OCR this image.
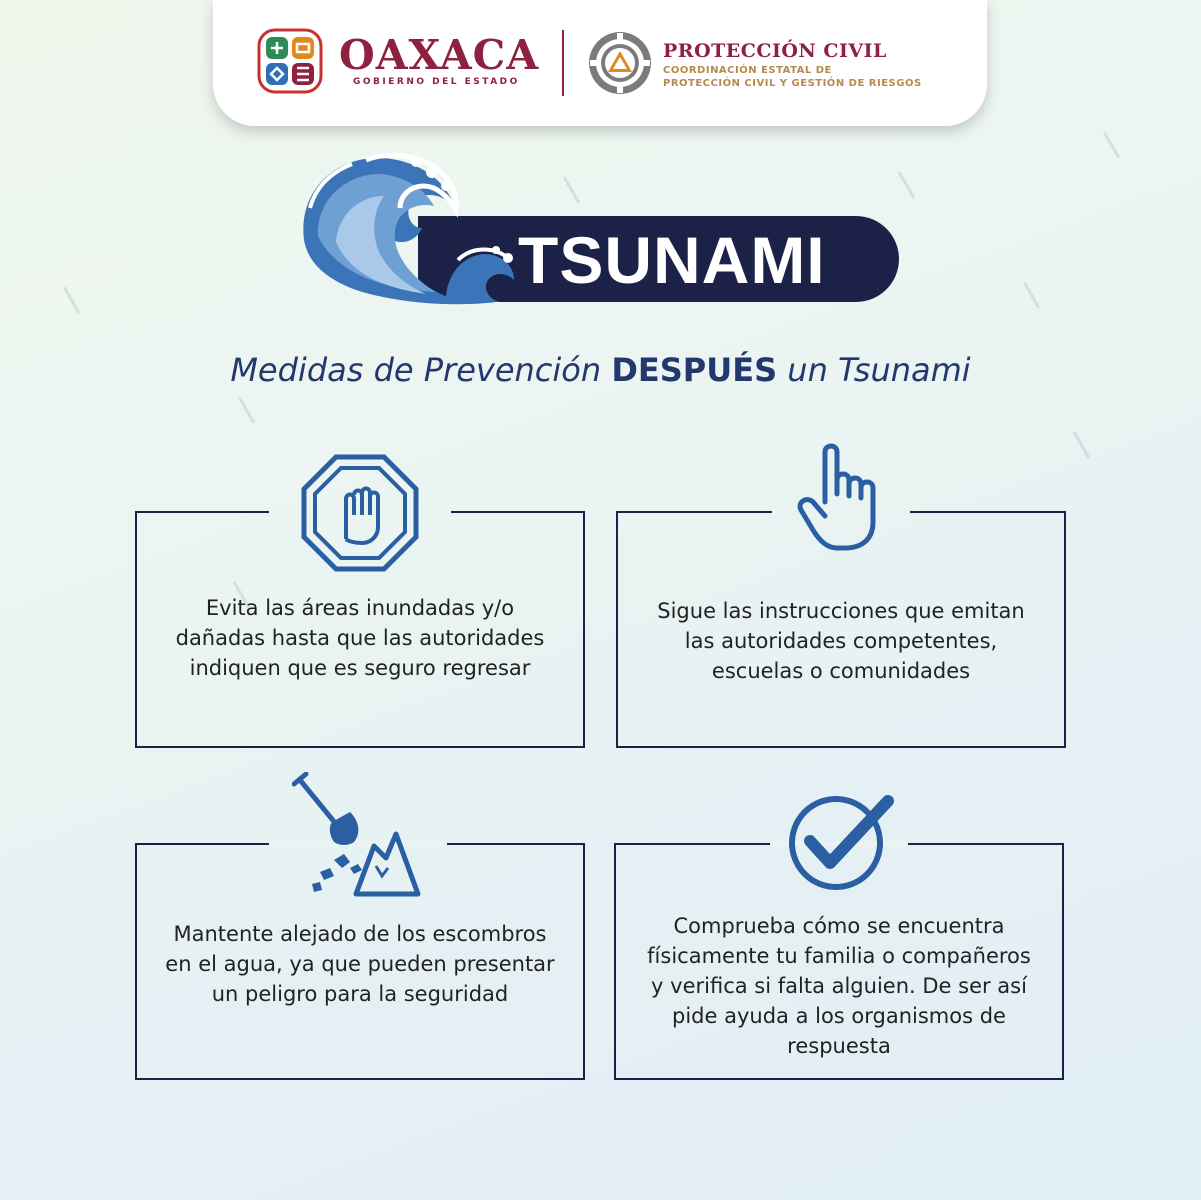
OAXACA
GOBIERNO DEL ESTADO
PROTECCIÓN CIVIL
COORDINACIÓN ESTATAL DE
PROTECCIÓN CIVIL Y GESTIÓN DE RIESGOS
TSUNAMI
Medidas de Prevención DESPUÉS un Tsunami
Evita las áreas inundadas y/o dañadas hasta que las autoridades indiquen que es seguro regresar
Sigue las instrucciones que emitan las autoridades competentes, escuelas o comunidades
Mantente alejado de los escombros en el agua, ya que pueden presentar un peligro para la seguridad
Comprueba cómo se encuentra físicamente tu familia o compañeros y verifica si falta alguien. De ser así pide ayuda a los organismos de respuesta
